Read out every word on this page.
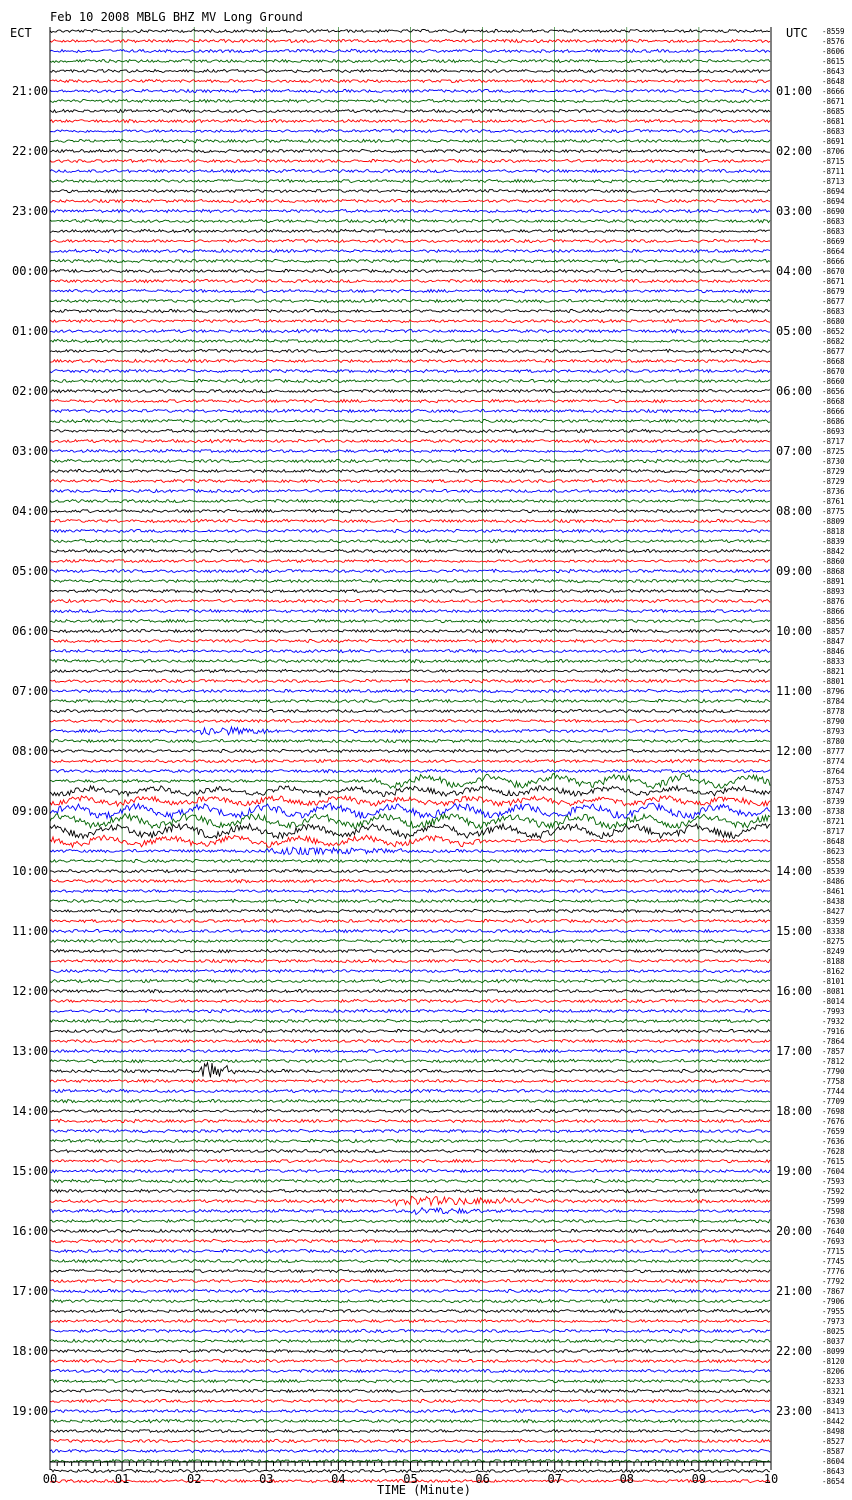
Feb 10 2008 MBLG BHZ MV Long Ground
ECT	UTC
TIME (Minute)
21:00
22:00
23:00
00:00
01:00
02:00
03:00
04:00
05:00
06:00
07:00
08:00
09:00
10:00
11:00
12:00
13:00
14:00
15:00
16:00
17:00
18:00
19:00
01:00
02:00
03:00
04:00
05:00
06:00
07:00
08:00
09:00
10:00
11:00
12:00
13:00
14:00
15:00
16:00
17:00
18:00
19:00
20:00
21:00
22:00
23:00
-8559
-8576
-8606
-8615
-8643
-8648
-8666
-8671
-8685
-8681
-8683
-8691
-8706
-8715
-8711
-8713
-8694
-8694
-8690
-8683
-8683
-8669
-8664
-8666
-8670
-8671
-8679
-8677
-8683
-8680
-8652
-8682
-8677
-8668
-8670
-8660
-8656
-8668
-8666
-8686
-8693
-8717
-8725
-8730
-8729
-8729
-8736
-8761
-8775
-8809
-8818
-8839
-8842
-8860
-8868
-8891
-8893
-8876
-8866
-8856
-8857
-8847
-8846
-8833
-8821
-8801
-8796
-8784
-8778
-8790
-8793
-8780
-8777
-8774
-8764
-8753
-8747
-8739
-8738
-8721
-8717
-8648
-8623
-8558
-8539
-8486
-8461
-8438
-8427
-8359
-8338
-8275
-8249
-8188
-8162
-8101
-8081
-8014
-7993
-7932
-7916
-7864
-7857
-7812
-7790
-7758
-7744
-7709
-7698
-7676
-7659
-7636
-7628
-7615
-7604
-7593
-7592
-7599
-7598
-7630
-7640
-7693
-7715
-7745
-7776
-7792
-7867
-7906
-7955
-7973
-8025
-8037
-8099
-8120
-8206
-8233
-8321
-8349
-8413
-8442
-8498
-8527
-8587
-8604
-8643
-8654
00	01	02	03	04	05	06	07	08	09	10
